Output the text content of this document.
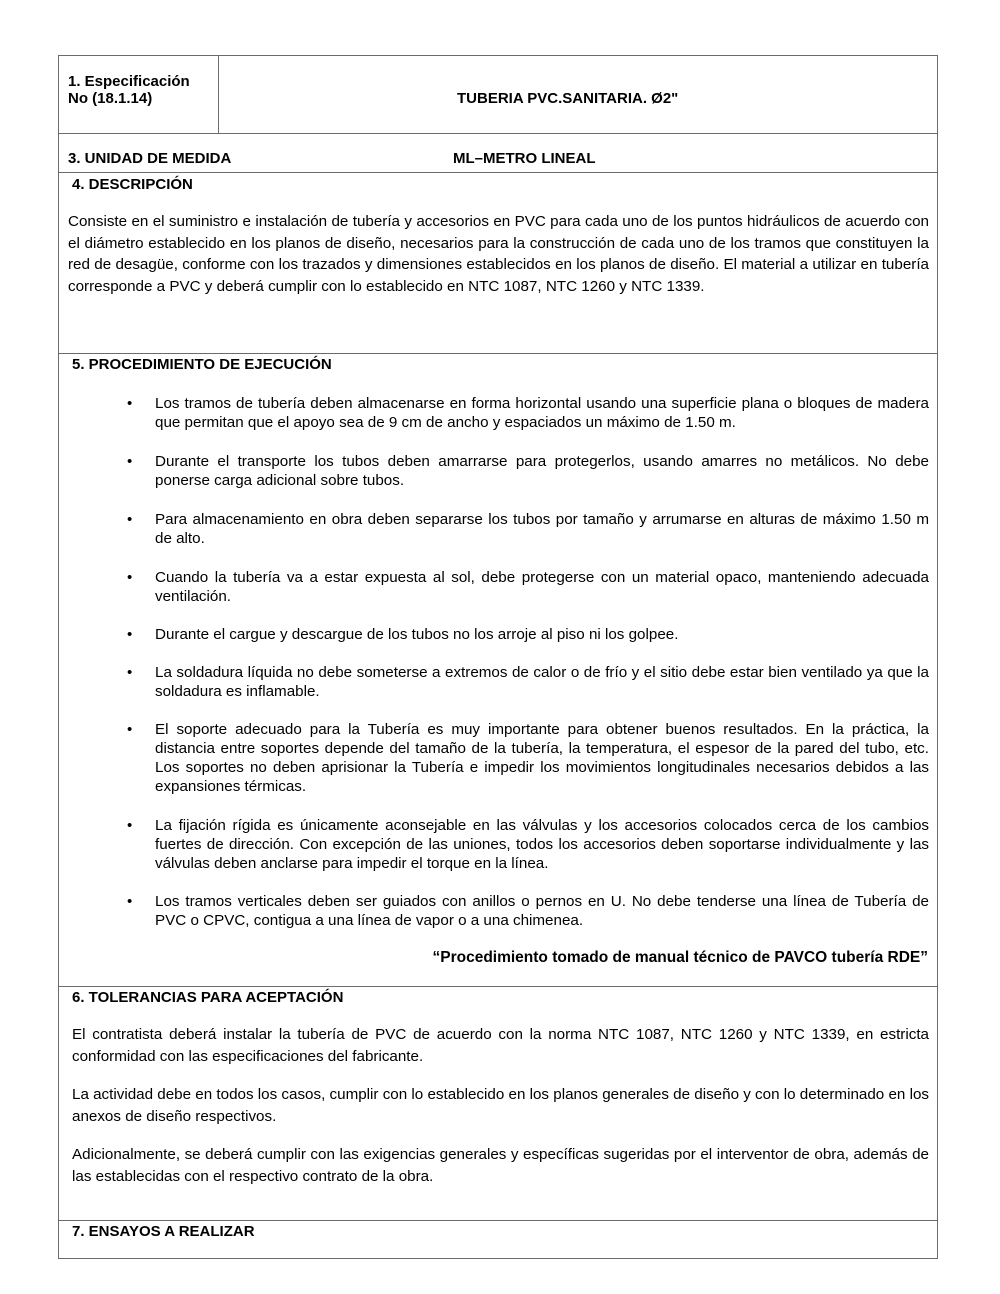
1. Especificación
No (18.1.14)	TUBERIA PVC.SANITARIA. Ø2"
3. UNIDAD DE MEDIDA	ML–METRO LINEAL
4. DESCRIPCIÓN
Consiste en el suministro e instalación de tubería y accesorios en PVC para cada uno de los puntos hidráulicos de acuerdo con el diámetro establecido en los planos de diseño, necesarios para la construcción de cada uno de los tramos que constituyen la red de desagüe, conforme con los trazados y dimensiones establecidos en los planos de diseño. El material a utilizar en tubería corresponde a PVC y deberá cumplir con lo establecido en NTC 1087, NTC 1260 y NTC 1339.
5. PROCEDIMIENTO DE EJECUCIÓN
• Los tramos de tubería deben almacenarse en forma horizontal usando una superficie plana o bloques de madera que permitan que el apoyo sea de 9 cm de ancho y espaciados un máximo de 1.50 m.
• Durante el transporte los tubos deben amarrarse para protegerlos, usando amarres no metálicos. No debe ponerse carga adicional sobre tubos.
• Para almacenamiento en obra deben separarse los tubos por tamaño y arrumarse en alturas de máximo 1.50 m de alto.
• Cuando la tubería va a estar expuesta al sol, debe protegerse con un material opaco, manteniendo adecuada ventilación.
• Durante el cargue y descargue de los tubos no los arroje al piso ni los golpee.
• La soldadura líquida no debe someterse a extremos de calor o de frío y el sitio debe estar bien ventilado ya que la soldadura es inflamable.
• El soporte adecuado para la Tubería es muy importante para obtener buenos resultados. En la práctica, la distancia entre soportes depende del tamaño de la tubería, la temperatura, el espesor de la pared del tubo, etc. Los soportes no deben aprisionar la Tubería e impedir los movimientos longitudinales necesarios debidos a las expansiones térmicas.
• La fijación rígida es únicamente aconsejable en las válvulas y los accesorios colocados cerca de los cambios fuertes de dirección. Con excepción de las uniones, todos los accesorios deben soportarse individualmente y las válvulas deben anclarse para impedir el torque en la línea.
• Los tramos verticales deben ser guiados con anillos o pernos en U. No debe tenderse una línea de Tubería de PVC o CPVC, contigua a una línea de vapor o a una chimenea.
“Procedimiento tomado de manual técnico de PAVCO tubería RDE”
6. TOLERANCIAS PARA ACEPTACIÓN
El contratista deberá instalar la tubería de PVC de acuerdo con la norma NTC 1087, NTC 1260 y NTC 1339, en estricta conformidad con las especificaciones del fabricante.
La actividad debe en todos los casos, cumplir con lo establecido en los planos generales de diseño y con lo determinado en los anexos de diseño respectivos.
Adicionalmente, se deberá cumplir con las exigencias generales y específicas sugeridas por el interventor de obra, además de las establecidas con el respectivo contrato de la obra.
7. ENSAYOS A REALIZAR
